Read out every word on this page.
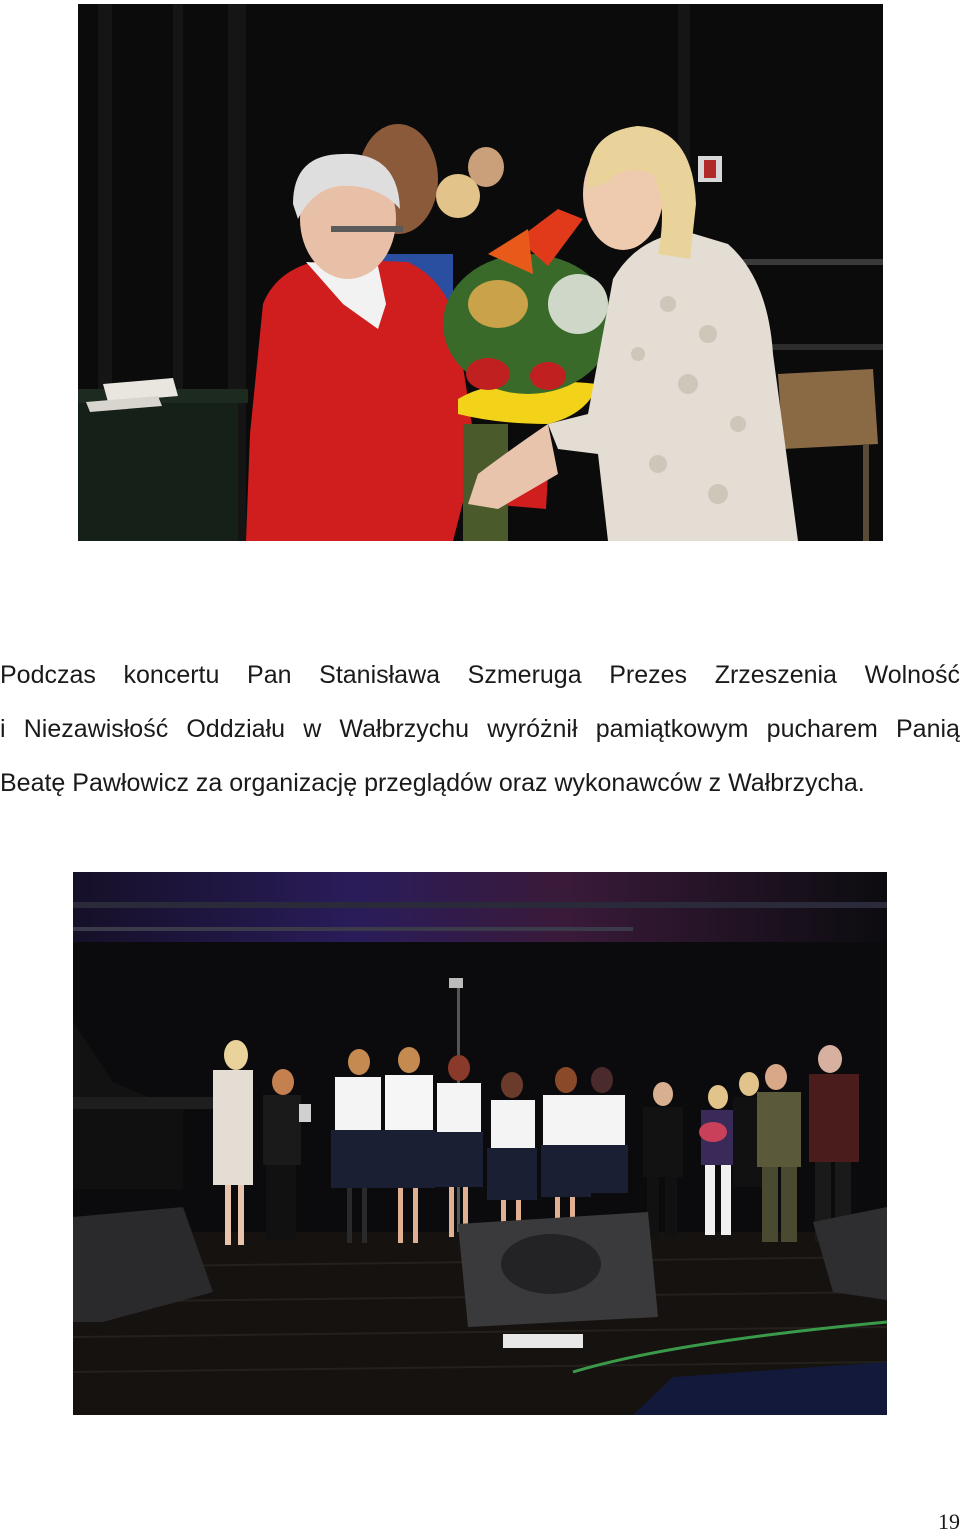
Podczas koncertu Pan Stanisława Szmeruga Prezes Zrzeszenia Wolność
i Niezawisłość Oddziału w Wałbrzychu wyróżnił pamiątkowym pucharem Panią
Beatę Pawłowicz za organizację przeglądów oraz wykonawców z Wałbrzycha.
19
